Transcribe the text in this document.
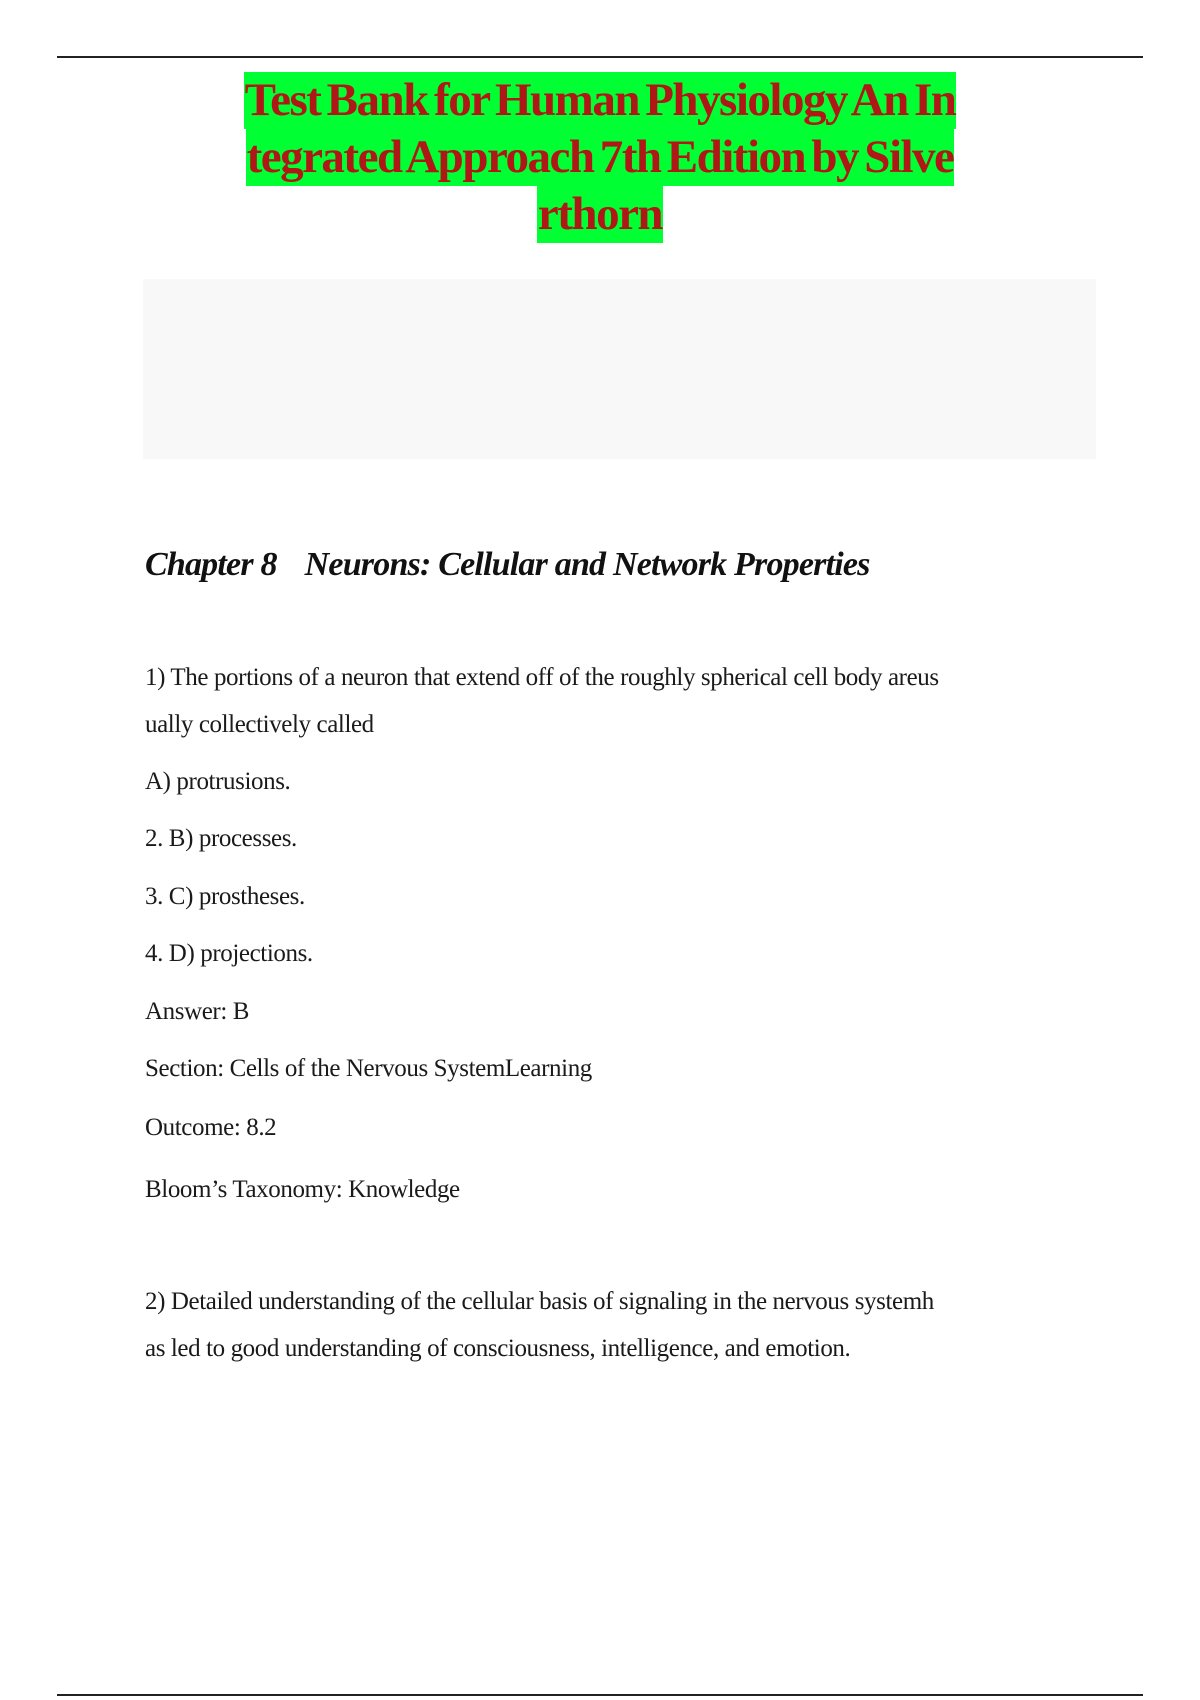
Test Bank for Human Physiology An In
tegrated Approach 7th Edition by Silve
rthorn
Chapter 8 Neurons: Cellular and Network Properties
1) The portions of a neuron that extend off of the roughly spherical cell body areus
ually collectively called
A) protrusions.
2. B) processes.
3. C) prostheses.
4. D) projections.
Answer: B
Section: Cells of the Nervous SystemLearning
Outcome: 8.2
Bloom’s Taxonomy: Knowledge
2) Detailed understanding of the cellular basis of signaling in the nervous systemh
as led to good understanding of consciousness, intelligence, and emotion.
